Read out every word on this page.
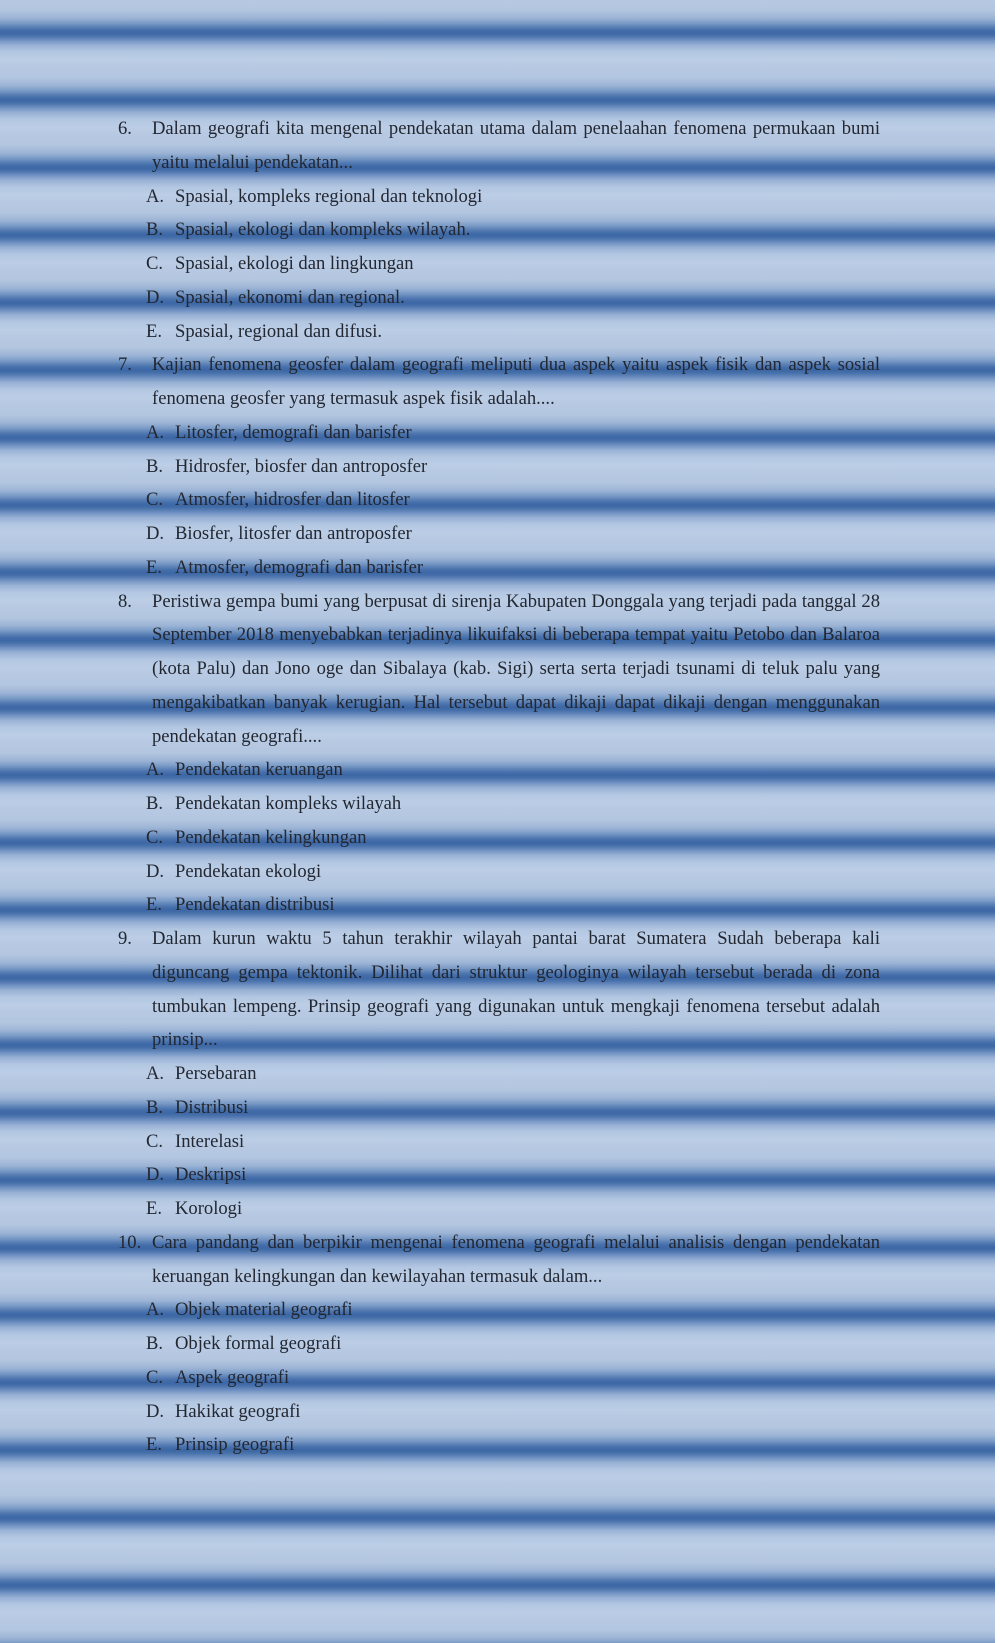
6.	Dalam geografi kita mengenal pendekatan utama dalam penelaahan fenomena permukaan bumi yaitu melalui pendekatan...

A. Spasial, kompleks regional dan teknologi
B. Spasial, ekologi dan kompleks wilayah.
C. Spasial, ekologi dan lingkungan
D. Spasial, ekonomi dan regional.
E. Spasial, regional dan difusi.

7.	Kajian fenomena geosfer dalam geografi meliputi dua aspek yaitu aspek fisik dan aspek sosial fenomena geosfer yang termasuk aspek fisik adalah....

A. Litosfer, demografi dan barisfer
B. Hidrosfer, biosfer dan antroposfer
C. Atmosfer, hidrosfer dan litosfer
D. Biosfer, litosfer dan antroposfer
E. Atmosfer, demografi dan barisfer

8.	Peristiwa gempa bumi yang berpusat di sirenja Kabupaten Donggala yang terjadi pada tanggal 28 September 2018 menyebabkan terjadinya likuifaksi di beberapa tempat yaitu Petobo dan Balaroa (kota Palu) dan Jono oge dan Sibalaya (kab. Sigi) serta serta terjadi tsunami di teluk palu yang mengakibatkan banyak kerugian. Hal tersebut dapat dikaji dapat dikaji dengan menggunakan pendekatan geografi....

A. Pendekatan keruangan
B. Pendekatan kompleks wilayah
C. Pendekatan kelingkungan
D. Pendekatan ekologi
E. Pendekatan distribusi

9.	Dalam kurun waktu 5 tahun terakhir wilayah pantai barat Sumatera Sudah beberapa kali diguncang gempa tektonik. Dilihat dari struktur geologinya wilayah tersebut berada di zona tumbukan lempeng. Prinsip geografi yang digunakan untuk mengkaji fenomena tersebut adalah prinsip...

A. Persebaran
B. Distribusi
C. Interelasi
D. Deskripsi
E. Korologi

10. Cara pandang dan berpikir mengenai fenomena geografi melalui analisis dengan pendekatan keruangan kelingkungan dan kewilayahan termasuk dalam...

A. Objek material geografi
B. Objek formal geografi
C. Aspek geografi
D. Hakikat geografi
E. Prinsip geografi
